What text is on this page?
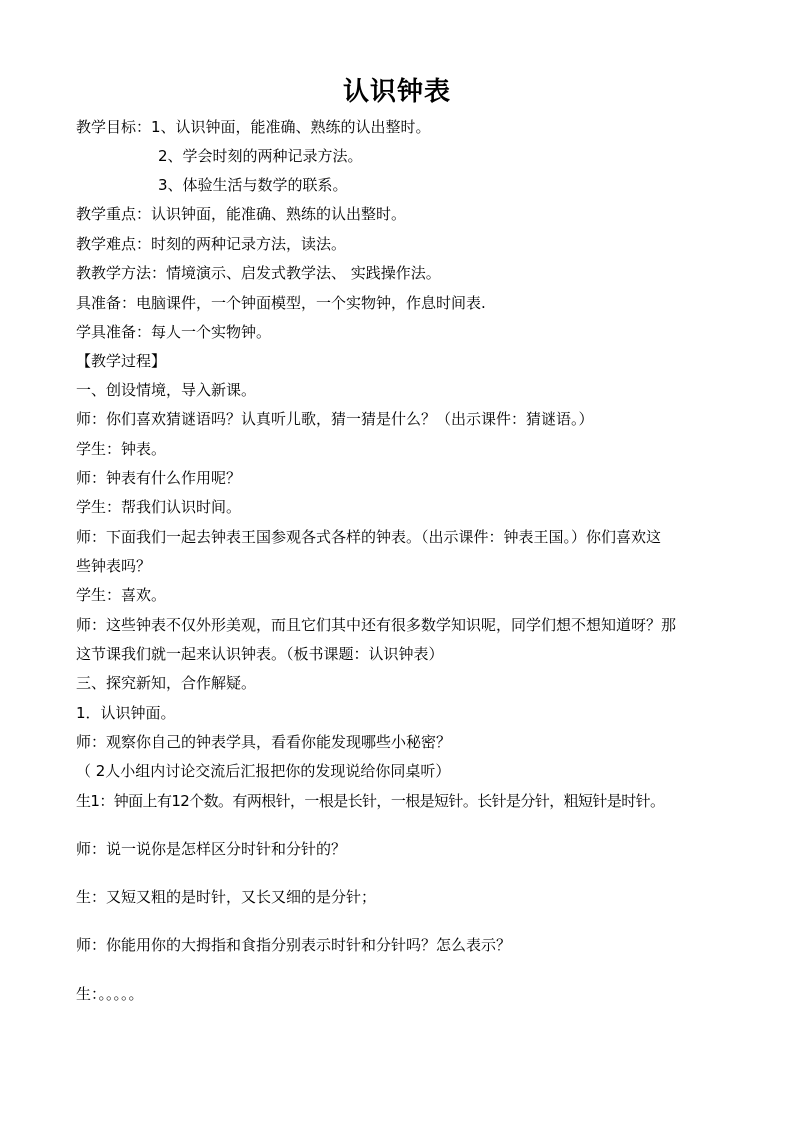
认识钟表
教学目标：1、认识钟面，能准确、熟练的认出整时。
2、学会时刻的两种记录方法。
3、体验生活与数学的联系。
教学重点：认识钟面，能准确、熟练的认出整时。
教学难点：时刻的两种记录方法，读法。
教教学方法：情境演示、启发式教学法、 实践操作法。
具准备：电脑课件，一个钟面模型，一个实物钟，作息时间表.
学具准备：每人一个实物钟。
【教学过程】
一、创设情境，导入新课。
师：你们喜欢猜谜语吗？认真听儿歌，猜一猜是什么？（出示课件：猜谜语。）
学生：钟表。
师：钟表有什么作用呢？
学生：帮我们认识时间。
师：下面我们一起去钟表王国参观各式各样的钟表。（出示课件：钟表王国。）你们喜欢这
些钟表吗？
学生：喜欢。
师：这些钟表不仅外形美观，而且它们其中还有很多数学知识呢，同学们想不想知道呀？那
这节课我们就一起来认识钟表。（板书课题：认识钟表）
三、探究新知，合作解疑。
1．认识钟面。
师：观察你自己的钟表学具，看看你能发现哪些小秘密？
（ 2人小组内讨论交流后汇报把你的发现说给你同桌听）
生1：钟面上有12个数。有两根针，一根是长针，一根是短针。长针是分针，粗短针是时针。
师：说一说你是怎样区分时针和分针的？
生：又短又粗的是时针，又长又细的是分针；
师：你能用你的大拇指和食指分别表示时针和分针吗？怎么表示？
生：。。。。。
